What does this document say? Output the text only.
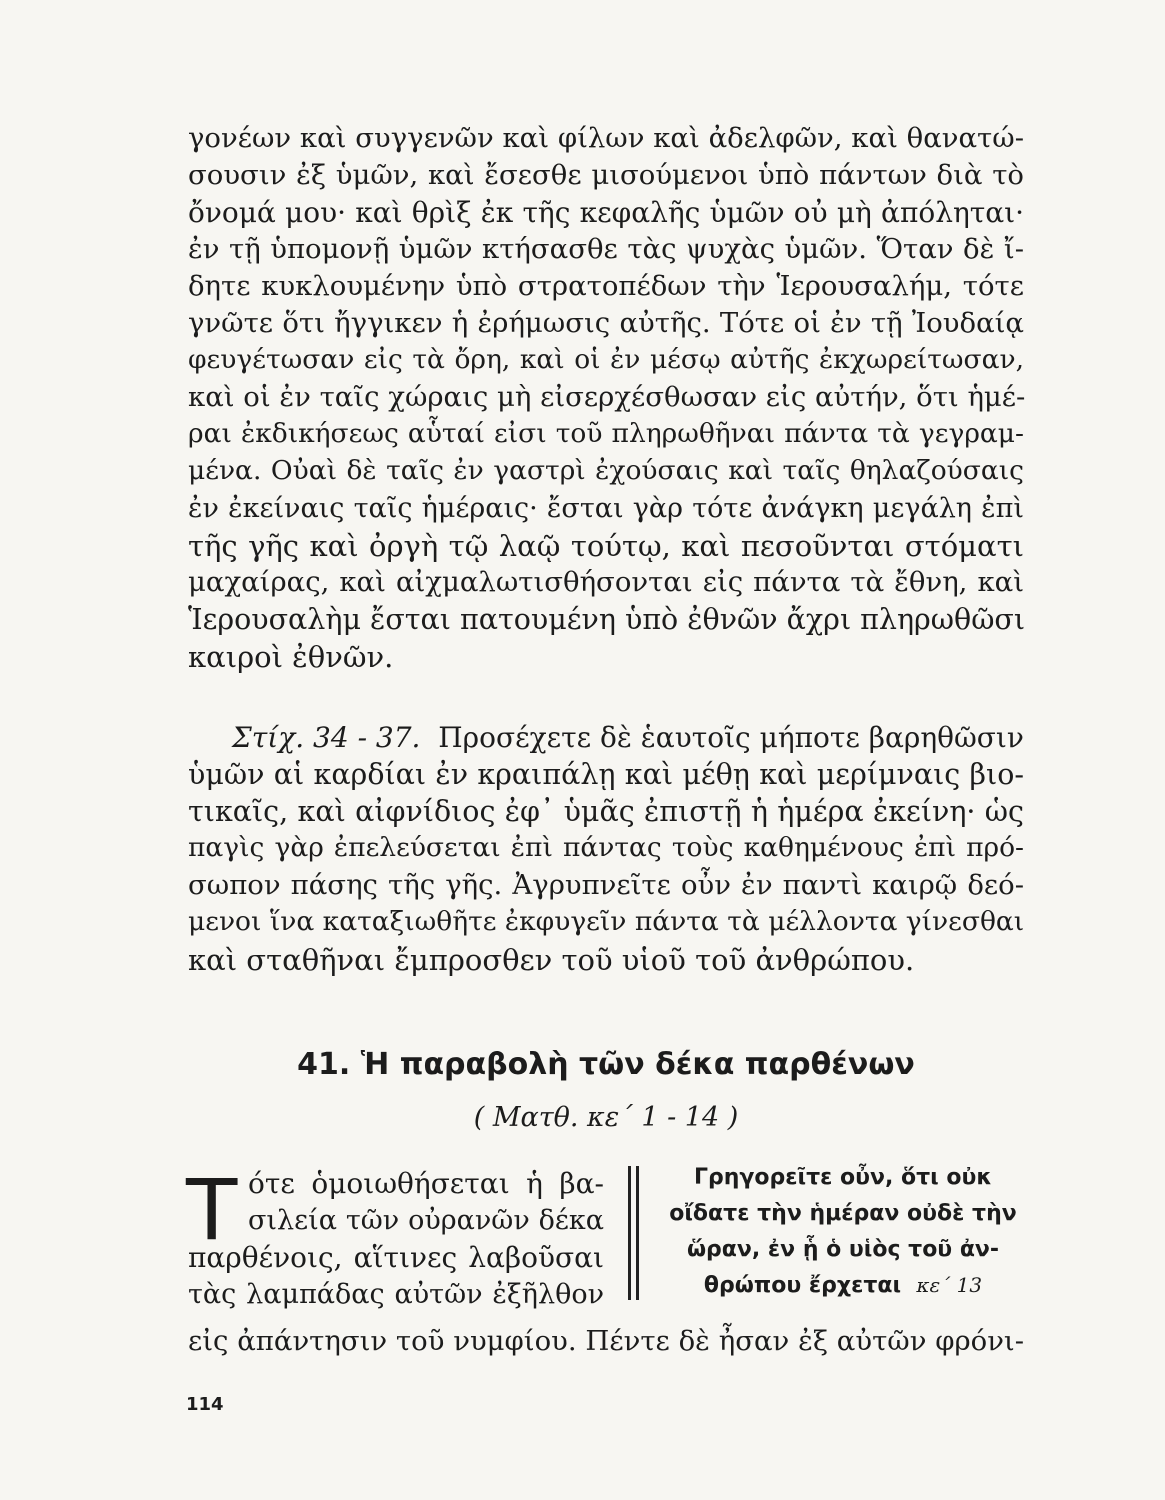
γονέων καὶ συγγενῶν καὶ φίλων καὶ ἀδελφῶν, καὶ θανατώ-
σουσιν ἐξ ὑμῶν, καὶ ἔσεσθε μισούμενοι ὑπὸ πάντων διὰ τὸ
ὄνομά μου· καὶ θρὶξ ἐκ τῆς κεφαλῆς ὑμῶν οὐ μὴ ἀπόληται·
ἐν τῇ ὑπομονῇ ὑμῶν κτήσασθε τὰς ψυχὰς ὑμῶν. Ὅταν δὲ ἴ-
δητε κυκλουμένην ὑπὸ στρατοπέδων τὴν Ἱερουσαλήμ, τότε
γνῶτε ὅτι ἤγγικεν ἡ ἐρήμωσις αὐτῆς. Τότε οἱ ἐν τῇ Ἰουδαίᾳ
φευγέτωσαν εἰς τὰ ὄρη, καὶ οἱ ἐν μέσῳ αὐτῆς ἐκχωρείτωσαν,
καὶ οἱ ἐν ταῖς χώραις μὴ εἰσερχέσθωσαν εἰς αὐτήν, ὅτι ἡμέ-
ραι ἐκδικήσεως αὗταί εἰσι τοῦ πληρωθῆναι πάντα τὰ γεγραμ-
μένα. Οὐαὶ δὲ ταῖς ἐν γαστρὶ ἐχούσαις καὶ ταῖς θηλαζούσαις
ἐν ἐκείναις ταῖς ἡμέραις· ἔσται γὰρ τότε ἀνάγκη μεγάλη ἐπὶ
τῆς γῆς καὶ ὀργὴ τῷ λαῷ τούτῳ, καὶ πεσοῦνται στόματι
μαχαίρας, καὶ αἰχμαλωτισθήσονται εἰς πάντα τὰ ἔθνη, καὶ
Ἱερουσαλὴμ ἔσται πατουμένη ὑπὸ ἐθνῶν ἄχρι πληρωθῶσι
καιροὶ ἐθνῶν.
Στίχ. 34 - 37. Προσέχετε δὲ ἑαυτοῖς μήποτε βαρηθῶσιν
ὑμῶν αἱ καρδίαι ἐν κραιπάλῃ καὶ μέθῃ καὶ μερίμναις βιο-
τικαῖς, καὶ αἰφνίδιος ἐφ᾽ ὑμᾶς ἐπιστῇ ἡ ἡμέρα ἐκείνη· ὡς
παγὶς γὰρ ἐπελεύσεται ἐπὶ πάντας τοὺς καθημένους ἐπὶ πρό-
σωπον πάσης τῆς γῆς. Ἀγρυπνεῖτε οὖν ἐν παντὶ καιρῷ δεό-
μενοι ἵνα καταξιωθῆτε ἐκφυγεῖν πάντα τὰ μέλλοντα γίνεσθαι
καὶ σταθῆναι ἔμπροσθεν τοῦ υἱοῦ τοῦ ἀνθρώπου.
41. Ἡ παραβολὴ τῶν δέκα παρθένων
( Ματθ. κε΄ 1 - 14 )
Τ ότε ὁμοιωθήσεται ἡ βα-
σιλεία τῶν οὐρανῶν δέκα
παρθένοις, αἵτινες λαβοῦσαι
τὰς λαμπάδας αὐτῶν ἐξῆλθον
Γρηγορεῖτε οὖν, ὅτι οὐκ
οἴδατε τὴν ἡμέραν οὐδὲ τὴν
ὥραν, ἐν ᾗ ὁ υἱὸς τοῦ ἀν-
θρώπου ἔρχεται κε΄ 13
εἰς ἀπάντησιν τοῦ νυμφίου. Πέντε δὲ ἦσαν ἐξ αὐτῶν φρόνι-
114
